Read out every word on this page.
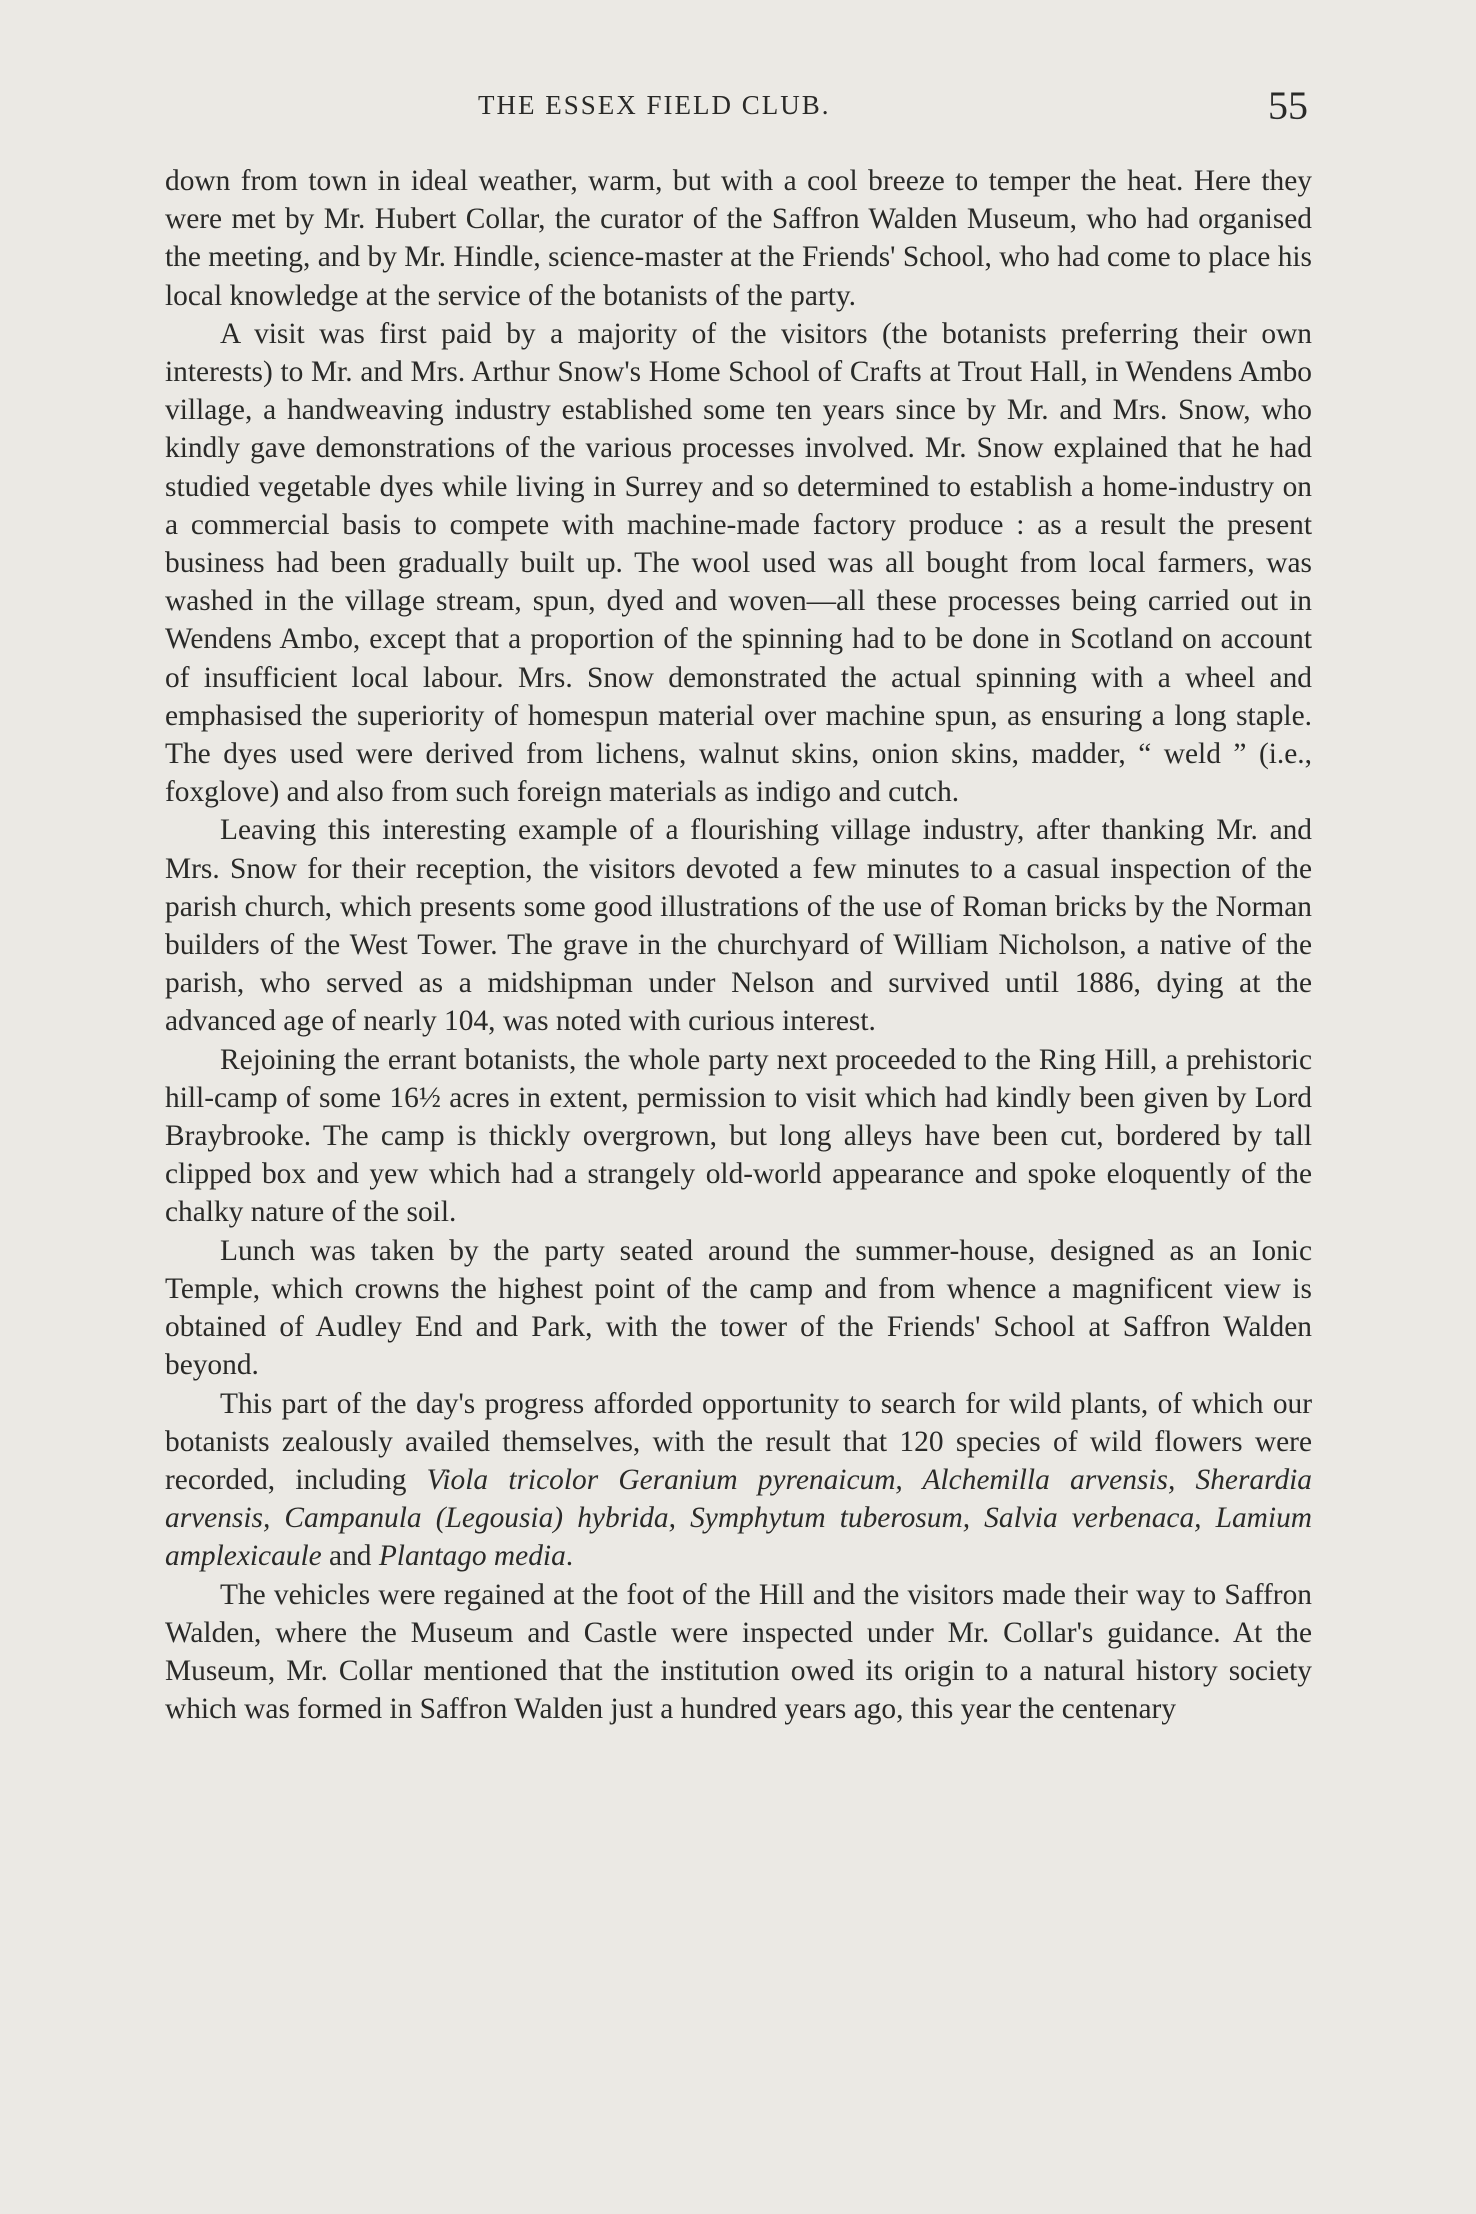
THE ESSEX FIELD CLUB.	55

down from town in ideal weather, warm, but with a cool breeze to temper the heat. Here they were met by Mr. Hubert Collar, the curator of the Saffron Walden Museum, who had organised the meeting, and by Mr. Hindle, science-master at the Friends' School, who had come to place his local knowledge at the service of the botanists of the party.

A visit was first paid by a majority of the visitors (the botanists preferring their own interests) to Mr. and Mrs. Arthur Snow's Home School of Crafts at Trout Hall, in Wendens Ambo village, a handweaving industry established some ten years since by Mr. and Mrs. Snow, who kindly gave demonstrations of the various processes involved. Mr. Snow explained that he had studied vegetable dyes while living in Surrey and so determined to establish a home-industry on a commercial basis to compete with machine-made factory produce : as a result the present business had been gradually built up. The wool used was all bought from local farmers, was washed in the village stream, spun, dyed and woven—all these processes being carried out in Wendens Ambo, except that a proportion of the spinning had to be done in Scotland on account of insufficient local labour. Mrs. Snow demonstrated the actual spinning with a wheel and emphasised the superiority of homespun material over machine spun, as ensuring a long staple. The dyes used were derived from lichens, walnut skins, onion skins, madder, “ weld ” (i.e., foxglove) and also from such foreign materials as indigo and cutch.

Leaving this interesting example of a flourishing village industry, after thanking Mr. and Mrs. Snow for their reception, the visitors devoted a few minutes to a casual inspection of the parish church, which presents some good illustrations of the use of Roman bricks by the Norman builders of the West Tower. The grave in the churchyard of William Nicholson, a native of the parish, who served as a midshipman under Nelson and survived until 1886, dying at the advanced age of nearly 104, was noted with curious interest.

Rejoining the errant botanists, the whole party next proceeded to the Ring Hill, a prehistoric hill-camp of some 16½ acres in extent, permission to visit which had kindly been given by Lord Braybrooke. The camp is thickly overgrown, but long alleys have been cut, bordered by tall clipped box and yew which had a strangely old-world appearance and spoke eloquently of the chalky nature of the soil.

Lunch was taken by the party seated around the summer-house, designed as an Ionic Temple, which crowns the highest point of the camp and from whence a magnificent view is obtained of Audley End and Park, with the tower of the Friends' School at Saffron Walden beyond.

This part of the day's progress afforded opportunity to search for wild plants, of which our botanists zealously availed themselves, with the result that 120 species of wild flowers were recorded, including Viola tricolor Geranium pyrenaicum, Alchemilla arvensis, Sherardia arvensis, Campanula (Legousia) hybrida, Symphytum tuberosum, Salvia verbenaca, Lamium amplexicaule and Plantago media.

The vehicles were regained at the foot of the Hill and the visitors made their way to Saffron Walden, where the Museum and Castle were inspected under Mr. Collar's guidance. At the Museum, Mr. Collar mentioned that the institution owed its origin to a natural history society which was formed in Saffron Walden just a hundred years ago, this year the centenary
